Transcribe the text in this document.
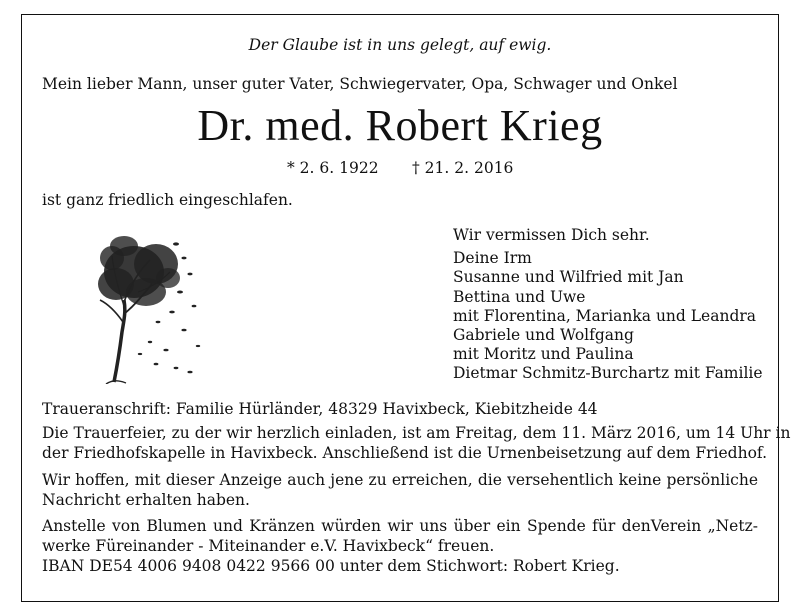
Der Glaube ist in uns gelegt, auf ewig.
Mein lieber Mann, unser guter Vater, Schwiegervater, Opa, Schwager und Onkel
Dr. med. Robert Krieg
* 2. 6. 1922 † 21. 2. 2016
ist ganz friedlich eingeschlafen.
Wir vermissen Dich sehr.
Deine Irm
Susanne und Wilfried mit Jan
Bettina und Uwe
mit Florentina, Marianka und Leandra
Gabriele und Wolfgang
mit Moritz und Paulina
Dietmar Schmitz-Burchartz mit Familie
Traueranschrift: Familie Hürländer, 48329 Havixbeck, Kiebitzheide 44
Die Trauerfeier, zu der wir herzlich einladen, ist am Freitag, dem 11. März 2016, um 14 Uhr in
der Friedhofskapelle in Havixbeck. Anschließend ist die Urnenbeisetzung auf dem Friedhof.
Wir hoffen, mit dieser Anzeige auch jene zu erreichen, die versehentlich keine persönliche
Nachricht erhalten haben.
Anstelle von Blumen und Kränzen würden wir uns über ein Spende für denVerein „Netz-
werke Füreinander - Miteinander e.V. Havixbeck“ freuen.
IBAN DE54 4006 9408 0422 9566 00 unter dem Stichwort: Robert Krieg.
